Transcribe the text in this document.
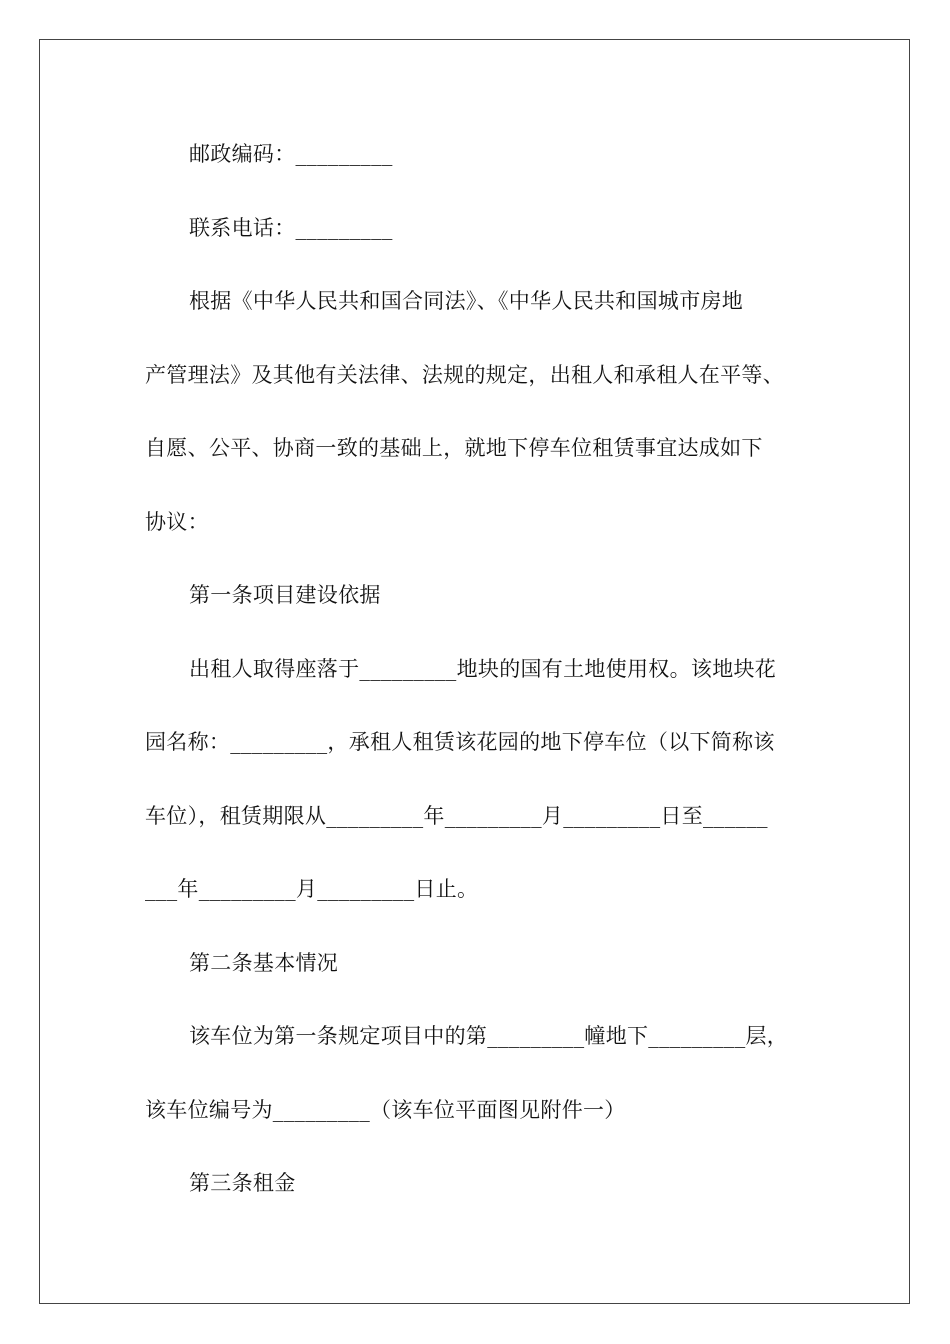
邮政编码：_________
联系电话：_________
根据《中华人民共和国合同法》、《中华人民共和国城市房地
产管理法》及其他有关法律、法规的规定，出租人和承租人在平等、
自愿、公平、协商一致的基础上，就地下停车位租赁事宜达成如下
协议：
第一条项目建设依据
出租人取得座落于_________地块的国有土地使用权。该地块花
园名称：_________，承租人租赁该花园的地下停车位（以下简称该
车位），租赁期限从_________年_________月_________日至______
___年_________月_________日止。
第二条基本情况
该车位为第一条规定项目中的第_________幢地下_________层，
该车位编号为_________（该车位平面图见附件一）
第三条租金
